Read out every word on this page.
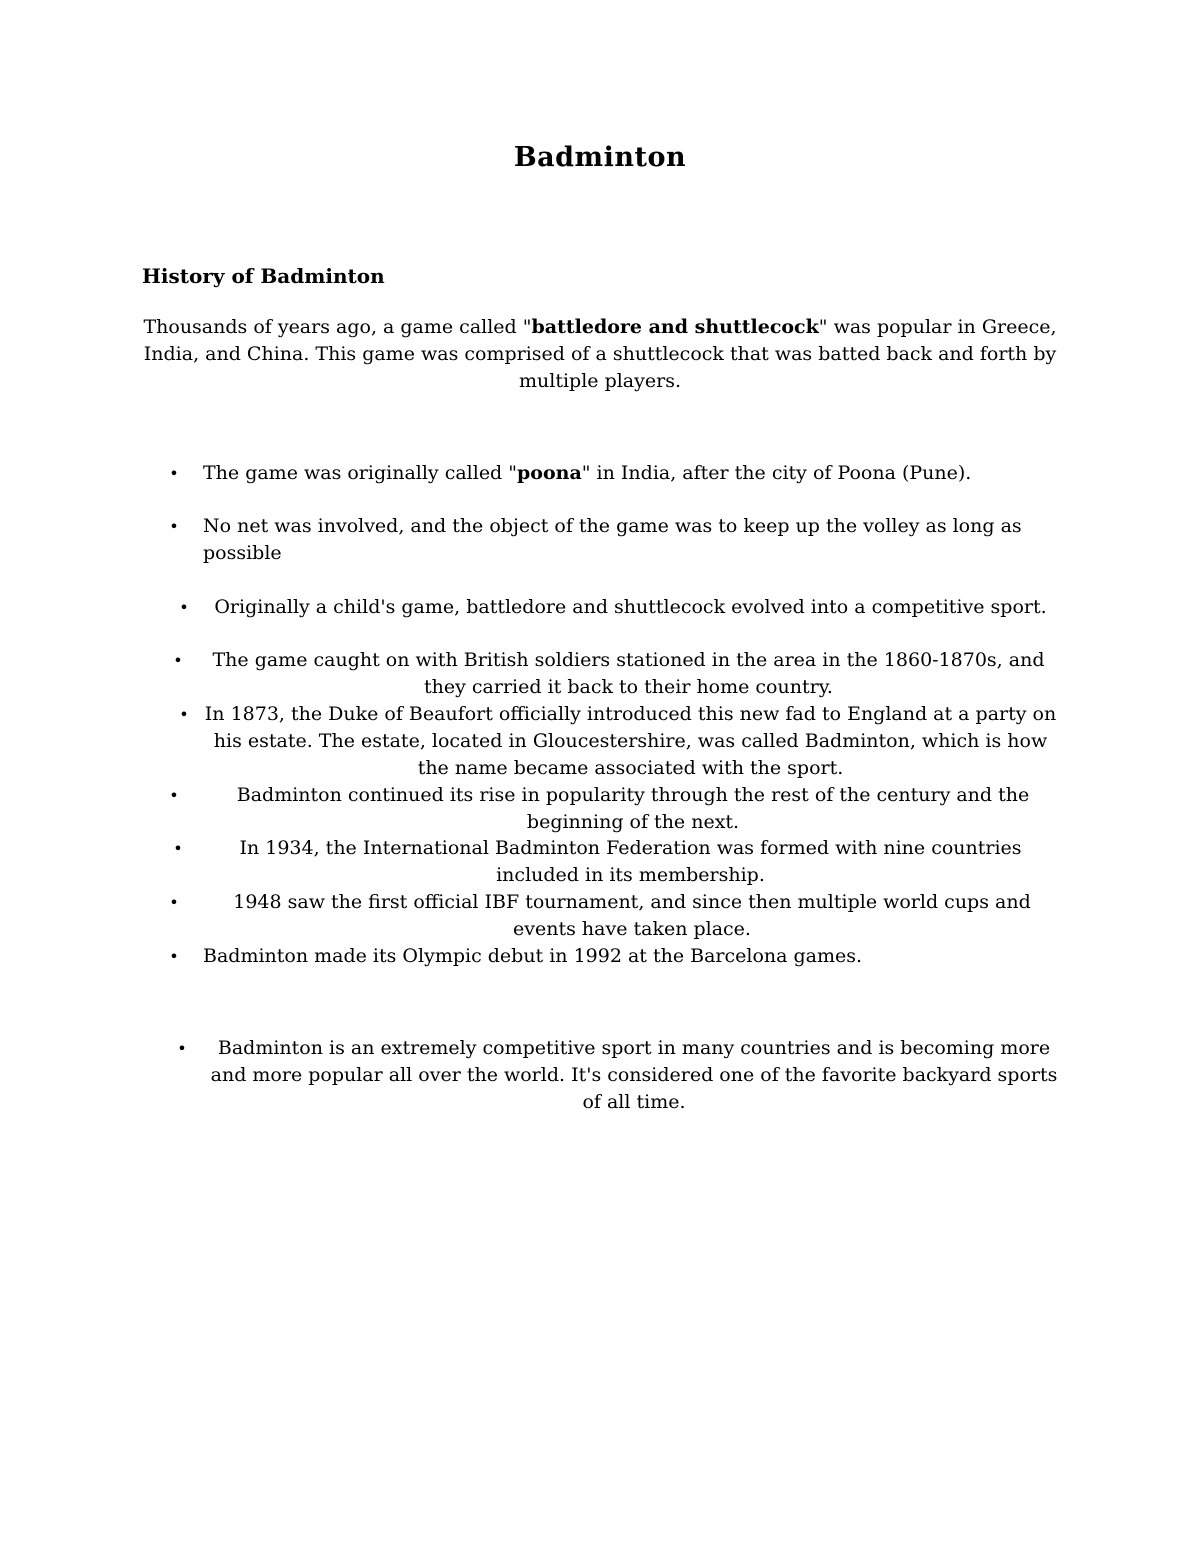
Badminton
History of Badminton
Thousands of years ago, a game called "battledore and shuttlecock" was popular in Greece, India, and China. This game was comprised of a shuttlecock that was batted back and forth by multiple players.
•	The game was originally called "poona" in India, after the city of Poona (Pune).
•	No net was involved, and the object of the game was to keep up the volley as long as possible
•	Originally a child's game, battledore and shuttlecock evolved into a competitive sport.
•	The game caught on with British soldiers stationed in the area in the 1860-1870s, and they carried it back to their home country.
• In 1873, the Duke of Beaufort officially introduced this new fad to England at a party on his estate. The estate, located in Gloucestershire, was called Badminton, which is how the name became associated with the sport.
•	Badminton continued its rise in popularity through the rest of the century and the beginning of the next.
•	In 1934, the International Badminton Federation was formed with nine countries included in its membership.
•	1948 saw the first official IBF tournament, and since then multiple world cups and events have taken place.
•	Badminton made its Olympic debut in 1992 at the Barcelona games.
•	Badminton is an extremely competitive sport in many countries and is becoming more and more popular all over the world. It's considered one of the favorite backyard sports of all time.
